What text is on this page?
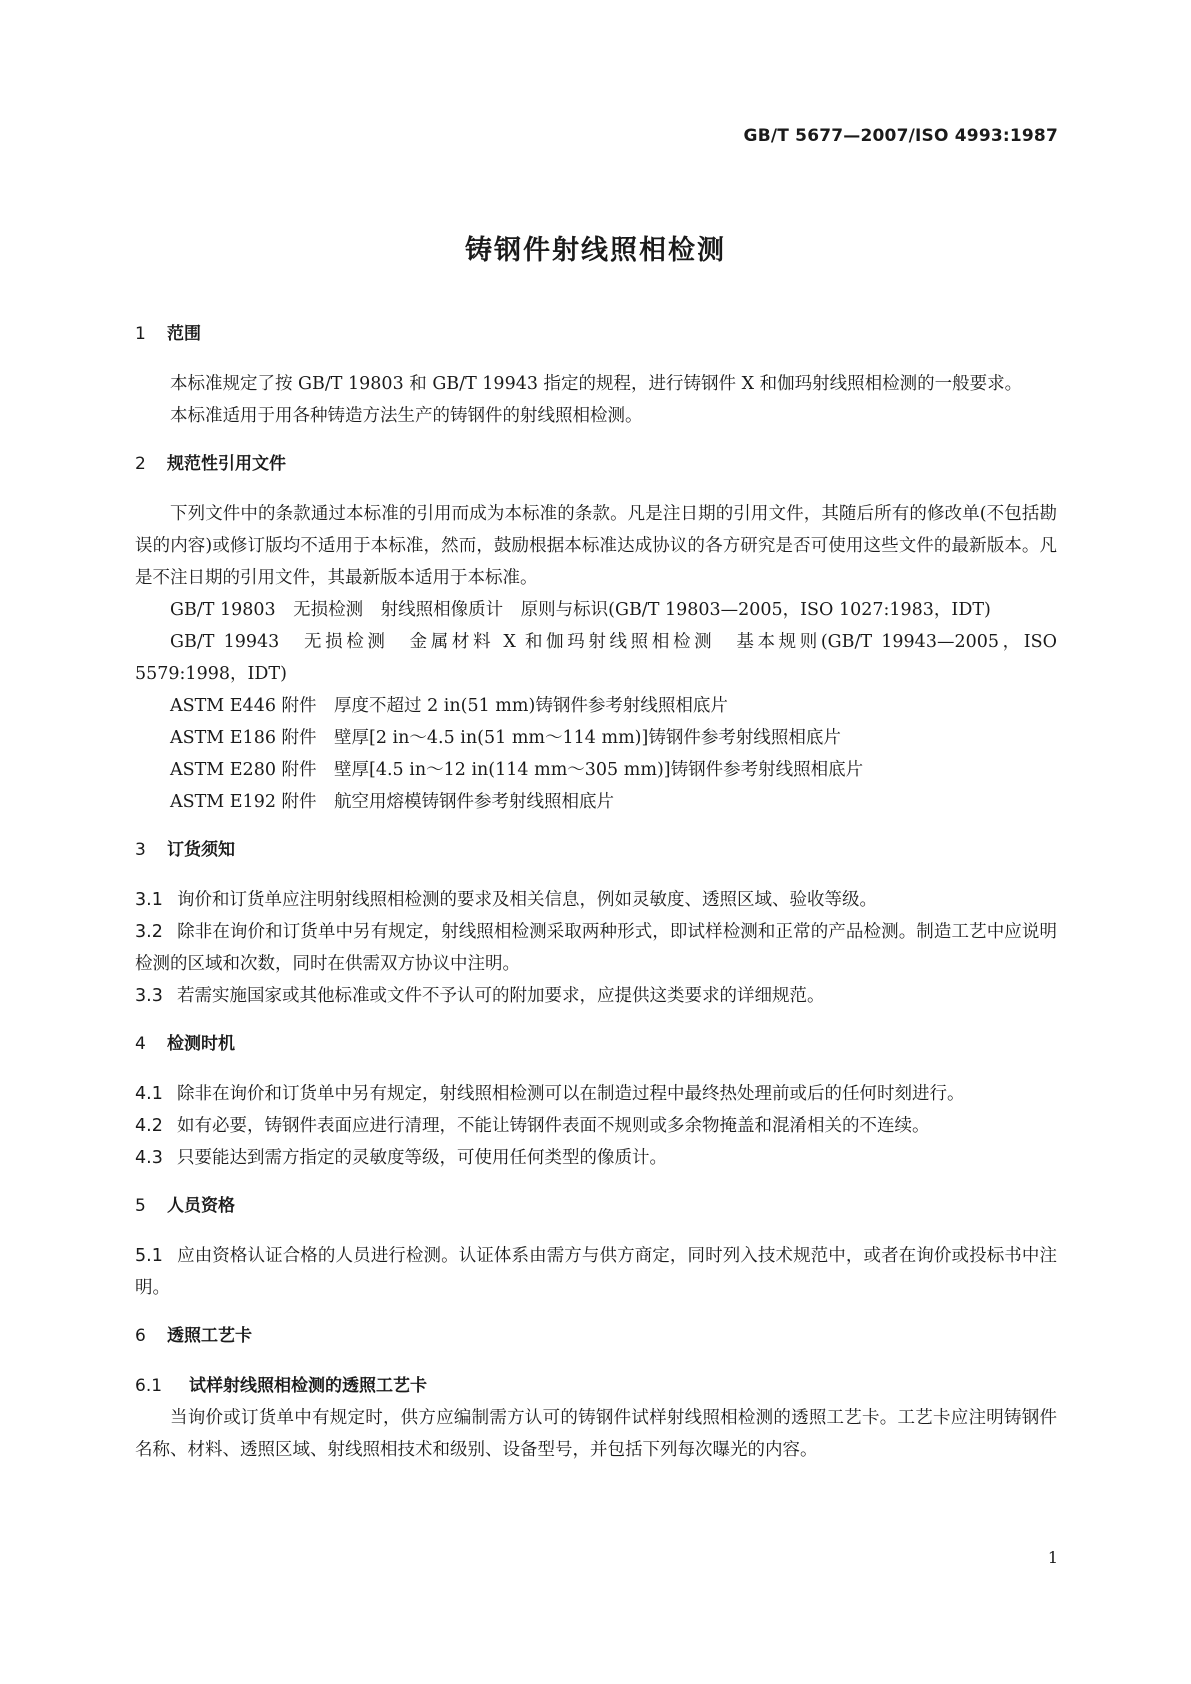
GB/T 5677—2007/ISO 4993:1987
铸钢件射线照相检测
1 范围

本标准规定了按 GB/T 19803 和 GB/T 19943 指定的规程，进行铸钢件 X 和伽玛射线照相检测的一般要求。

本标准适用于用各种铸造方法生产的铸钢件的射线照相检测。

2 规范性引用文件

下列文件中的条款通过本标准的引用而成为本标准的条款。凡是注日期的引用文件，其随后所有的修改单(不包括勘误的内容)或修订版均不适用于本标准，然而，鼓励根据本标准达成协议的各方研究是否可使用这些文件的最新版本。凡是不注日期的引用文件，其最新版本适用于本标准。

GB/T 19803　无损检测　射线照相像质计　原则与标识(GB/T 19803—2005，ISO 1027:1983，IDT)

GB/T 19943　无损检测　金属材料 X 和伽玛射线照相检测　基本规则(GB/T 19943—2005，ISO 5579:1998，IDT)

ASTM E446 附件　厚度不超过 2 in(51 mm)铸钢件参考射线照相底片

ASTM E186 附件　壁厚[2 in～4.5 in(51 mm～114 mm)]铸钢件参考射线照相底片

ASTM E280 附件　壁厚[4.5 in～12 in(114 mm～305 mm)]铸钢件参考射线照相底片

ASTM E192 附件　航空用熔模铸钢件参考射线照相底片

3 订货须知

3.1 询价和订货单应注明射线照相检测的要求及相关信息，例如灵敏度、透照区域、验收等级。

3.2 除非在询价和订货单中另有规定，射线照相检测采取两种形式，即试样检测和正常的产品检测。制造工艺中应说明检测的区域和次数，同时在供需双方协议中注明。

3.3 若需实施国家或其他标准或文件不予认可的附加要求，应提供这类要求的详细规范。

4 检测时机

4.1 除非在询价和订货单中另有规定，射线照相检测可以在制造过程中最终热处理前或后的任何时刻进行。

4.2 如有必要，铸钢件表面应进行清理，不能让铸钢件表面不规则或多余物掩盖和混淆相关的不连续。

4.3 只要能达到需方指定的灵敏度等级，可使用任何类型的像质计。

5 人员资格

5.1 应由资格认证合格的人员进行检测。认证体系由需方与供方商定，同时列入技术规范中，或者在询价或投标书中注明。

6 透照工艺卡
6.1 试样射线照相检测的透照工艺卡

当询价或订货单中有规定时，供方应编制需方认可的铸钢件试样射线照相检测的透照工艺卡。工艺卡应注明铸钢件名称、材料、透照区域、射线照相技术和级别、设备型号，并包括下列每次曝光的内容。

1
